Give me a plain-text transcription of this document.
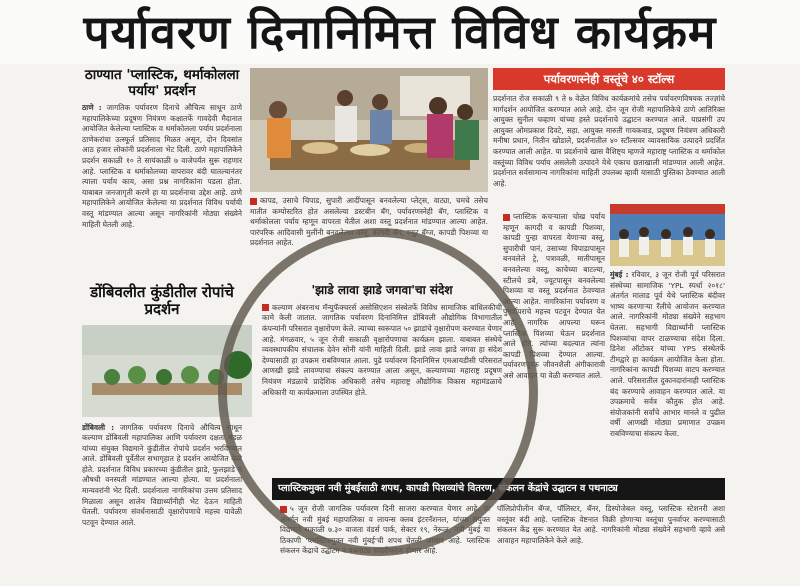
पर्यावरण दिनानिमित्त विविध कार्यक्रम
ठाण्यात 'प्लास्टिक, थर्माकोलला पर्याय' प्रदर्शन

ठाणे : जागतिक पर्यावरण दिनाचे औचित्य साधून ठाणे महापालिकेच्या प्रदूषण नियंत्रण कक्षातर्फे गावदेवी मैदानात आयोजित केलेल्या प्लास्टिक व थर्माकोलला पर्याय प्रदर्शनाला ठाणेकरांचा उत्स्फूर्त प्रतिसाद मिळत असून, दोन दिवसांत आठ हजार लोकांनी प्रदर्शनाला भेट दिली. ठाणे महापालिकेने प्रदर्शन सकाळी १० ते सायंकाळी ७ वाजेपर्यंत सुरू राहणार आहे. प्लास्टिक व थर्माकोलच्या वापरावर बंदी घातल्यानंतर त्याला पर्याय काय, असा प्रश्न नागरिकांना पडला होता. याबाबत जनजागृती करणे हा या प्रदर्शनाचा उद्देश आहे. ठाणे महापालिकेने आयोजित केलेल्या या प्रदर्शनात विविध पर्यायी वस्तू मांडण्यात आल्या असून नागरिकांनी मोठ्या संख्येने माहिती घेतली आहे.

कापड, उसाचे चिपाड, सुपारी आदींपासून बनवलेल्या प्लेट्स, वाट्या, चमचे तसेच मातीत कम्पोस्टरित होत असलेल्या डस्टबीन बॅग, पर्यावरणस्नेही बॅग, प्लास्टिक व थर्माकोलला पर्याय म्हणून वापरता येतील अशा वस्तू प्रदर्शनात मांडण्यात आल्या आहेत. पारंपरिक आदिवासी मुलींनी बनवलेल्या वस्तू, कागदी बॅग, ज्यूट बॅग्ज, कापडी पिशव्या या प्रदर्शनात आहेत.

पर्यावरणस्नेही वस्तूंचे ४० स्टॉल्स

प्रदर्शनात रोज सकाळी ९ ते ७ वेळेत विविध कार्यक्रमांचे तसेच पर्यावरणविषयक तज्ज्ञांचे मार्गदर्शन आयोजित करण्यात आले आहे. दोन जून रोजी महापालिकेचे ठाणे आतिरिक्त आयुक्त सुनील चव्हाण यांच्या हस्ते प्रदर्शनाचे उद्घाटन करण्यात आले. याप्रसंगी उप आयुक्त ओमप्रकाश दिवटे, सहा. आयुक्त मारुती गायकवाड, प्रदूषण नियंत्रण अधिकारी मनीषा प्रधान, नितीन खोडाले, प्रदर्शनातील ४० स्टॉल्सवर व्यावसायिक उत्पादने प्रदर्शित करण्यात आली आहेत. या प्रदर्शनाचे खास वैशिष्ट्य म्हणजे महाराष्ट्र प्लास्टिक व थर्माकोल वस्तूंच्या विविध पर्याय असलेली उत्पादने येथे एकाच छताखाली मांडण्यात आली आहेत. प्रदर्शनात सर्वसामान्य नागरिकांना माहिती उपलब्ध व्हावी यासाठी पुस्तिका ठेवण्यात आली आहे.

डोंबिवलीत कुंडीतील रोपांचे प्रदर्शन

डोंबिवली : जागतिक पर्यावरण दिनाचे औचित्य साधून कल्याण डोंबिवली महापालिका आणि पर्यावरण दक्षता मंडळ यांच्या संयुक्त विद्यमाने कुंडीतील रोपांचे प्रदर्शन भरविण्यात आले. डोंबिवली पूर्वेतील सभागृहात हे प्रदर्शन आयोजित केले होते. प्रदर्शनात विविध प्रकारच्या कुंडीतील झाडे, फुलझाडे व औषधी वनस्पती मांडण्यात आल्या होत्या. या प्रदर्शनाला मान्यवरांनी भेट दिली. प्रदर्शनाला नागरिकांचा उत्तम प्रतिसाद मिळाला असून शालेय विद्यार्थ्यांनीही भेट देऊन माहिती घेतली. पर्यावरण संवर्धनासाठी वृक्षारोपणाचे महत्त्व यावेळी पटवून देण्यात आले.

'झाडे लावा झाडे जगवा'चा संदेश

कल्याण अंबरनाथ मॅन्युफॅक्चरर्स असोसिएशन संस्थेतर्फे विविध सामाजिक बांधिलकीची कामे केली जातात. जागतिक पर्यावरण दिनानिमित्त डोंबिवली औद्योगिक विभागातील कंपन्यांनी परिसरात वृक्षारोपण केले. त्याच्या स्वरूपात ५० झाडांचे वृक्षारोपण करण्यात येणार आहे. मंगळवार, ५ जून रोजी सकाळी वृक्षारोपणाचा कार्यक्रम झाला. याबाबत संस्थेचे व्यवस्थापकीय संचालक देवेन सोनी यांनी माहिती दिली. झाडे लावा झाडे जगवा हा संदेश देण्यासाठी हा उपक्रम राबविण्यात आला. पुढे पर्यावरण दिनानिमित्त एमआयडीसी परिसरात आणखी झाडे लावण्याचा संकल्प करण्यात आला असून, कल्याणच्या महाराष्ट्र प्रदूषण नियंत्रण मंडळाचे प्रादेशिक अधिकारी तसेच महाराष्ट्र औद्योगिक विकास महामंडळाचे अधिकारी या कार्यक्रमाला उपस्थित होते.

प्लास्टिक कचऱ्याला चोख पर्याय म्हणून कागदी व कापडी पिशव्या, कापडी पुन्हा वापरता येणाऱ्या वस्तू, सुपारीची पानं, उसाच्या चिपाडापासून बनवलेले ट्रे, पत्रावळी, मातीपासून बनवलेल्या वस्तू, काचेच्या बाटल्या, स्टीलचे डबे, ज्यूटपासून बनवलेल्या पिशव्या या वस्तू प्रदर्शनात ठेवण्यात आल्या आहेत. नागरिकांना पर्यावरण व पुनर्वापराचे महत्त्व पटवून देण्यात येत आहे. नागरिक आपल्या घरून प्लास्टिक पिशव्या घेऊन प्रदर्शनात आले होते. त्यांच्या बदल्यात त्यांना कापडी पिशव्या देण्यात आल्या. पर्यावरणपूरक जीवनशैली अंगीकारावी असे आवाहन या वेळी करण्यात आले.

मुंबई : रविवार, ३ जून रोजी पूर्व परिसरात संस्थेच्या सामाजिक 'YPL स्पर्धा २०१८' अंतर्गत मालाड पूर्व येथे प्लास्टिक बंदीवर भाष्य करणाऱ्या रॅलीचे आयोजन करण्यात आले. नागरिकांनी मोठ्या संख्येने सहभाग घेतला. सहभागी विद्यार्थ्यांनी प्लास्टिक पिशव्यांचा वापर टाळण्याचा संदेश दिला. डिनेश ऑटोकर यांच्या YPS संस्थेतर्फे टीमद्वारे हा कार्यक्रम आयोजित केला होता. नागरिकांना कापडी पिशव्या वाटप करण्यात आले. परिसरातील दुकानदारांनाही प्लास्टिक बंद करण्याचे आवाहन करण्यात आले. या उपक्रमाचे सर्वत्र कौतुक होत आहे. संयोजकांनी सर्वांचे आभार मानले व पुढील वर्षी आणखी मोठ्या प्रमाणात उपक्रम राबविण्याचा संकल्प केला.

प्लास्टिकमुक्त नवी मुंबईसाठी शपथ, कापडी पिशव्यांचे वितरण, संकलन केंद्रांचे उद्घाटन व पथनाट्य

५ जून रोजी जागतिक पर्यावरण दिनी साजरा करण्यात येणार आहे. या अंतर्गत नवी मुंबई महापालिका व लायन्स क्लब इंटरनॅशनल, यांच्या संयुक्त विद्यमाने सकाळी ७.३० वाजता वंडर्स पार्क, सेक्टर १९, नेरूळ, नवी मुंबई या ठिकाणी 'प्लास्टिकमुक्त नवी मुंबई'ची शपथ घेतली जाणार आहे. प्लास्टिक संकलन केंद्राचे उद्घाटन व पथनाट्य सादरीकरण होणार आहे.

पॉलिप्रोपीलीन बॅग्ज, पॉलिस्टर, बॅनर, डिस्पोजेबल वस्तू, प्लास्टिक स्टेशनरी अशा वस्तूंवर बंदी आहे. प्लास्टिक वेष्टनात विक्री होणाऱ्या वस्तूंचा पुनर्वापर करण्यासाठी संकलन केंद्र सुरू करण्यात येत आहे. नागरिकांनी मोठ्या संख्येने सहभागी व्हावे असे आवाहन महापालिकेने केले आहे.
